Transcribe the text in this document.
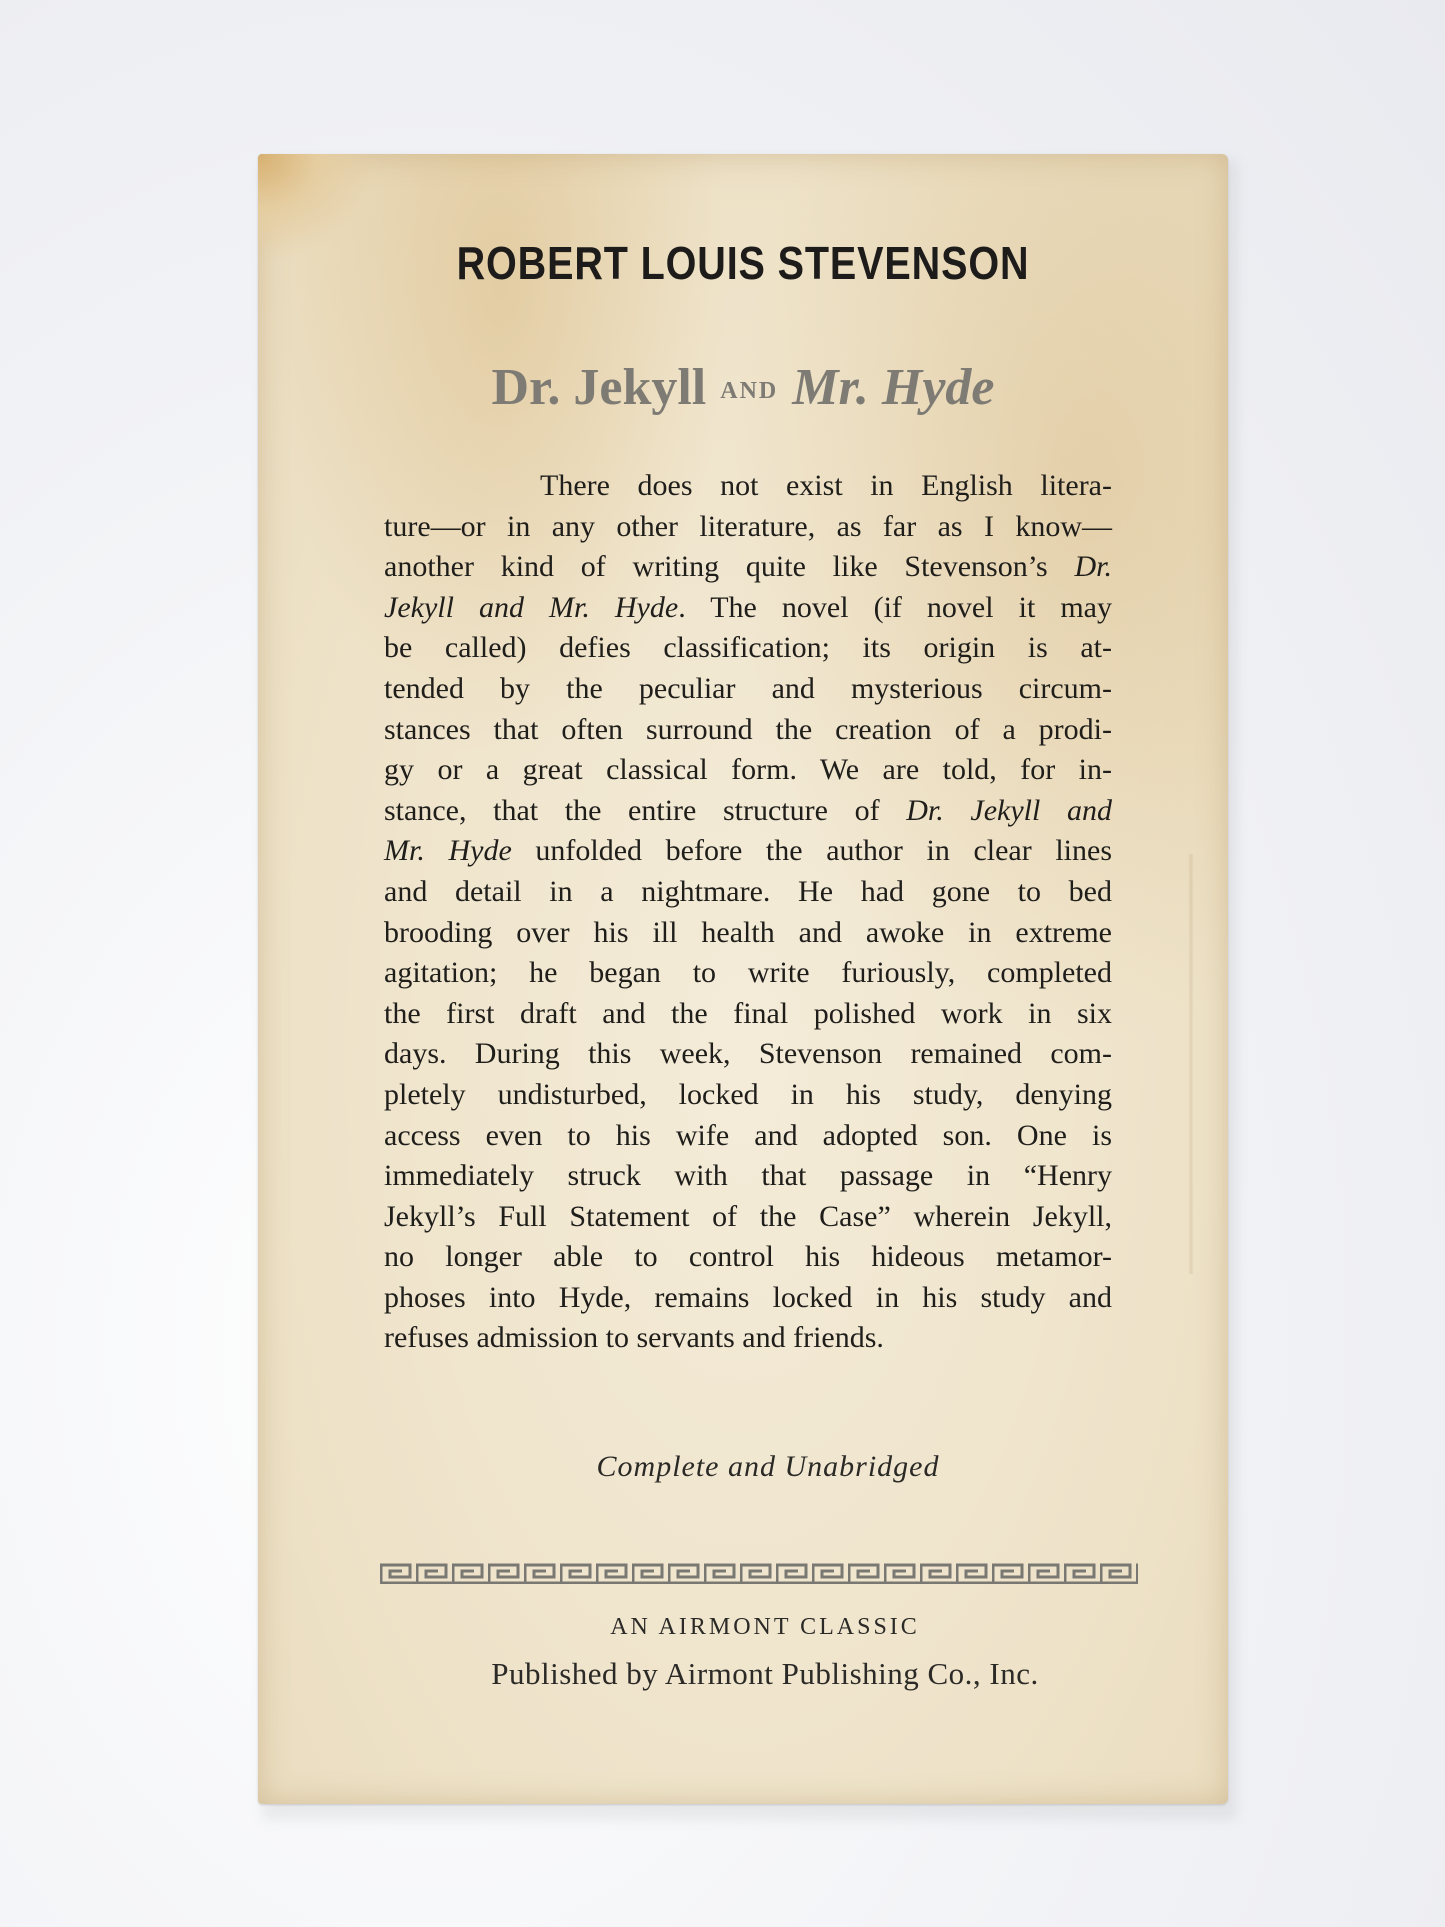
ROBERT LOUIS STEVENSON
Dr. Jekyll AND Mr. Hyde
There does not exist in English litera-
ture—or in any other literature, as far as I know—
another kind of writing quite like Stevenson’s Dr.
Jekyll and Mr. Hyde. The novel (if novel it may
be called) defies classification; its origin is at-
tended by the peculiar and mysterious circum-
stances that often surround the creation of a prodi-
gy or a great classical form. We are told, for in-
stance, that the entire structure of Dr. Jekyll and
Mr. Hyde unfolded before the author in clear lines
and detail in a nightmare. He had gone to bed
brooding over his ill health and awoke in extreme
agitation; he began to write furiously, completed
the first draft and the final polished work in six
days. During this week, Stevenson remained com-
pletely undisturbed, locked in his study, denying
access even to his wife and adopted son. One is
immediately struck with that passage in “Henry
Jekyll’s Full Statement of the Case” wherein Jekyll,
no longer able to control his hideous metamor-
phoses into Hyde, remains locked in his study and
refuses admission to servants and friends.
Complete and Unabridged
AN AIRMONT CLASSIC
Published by Airmont Publishing Co., Inc.
